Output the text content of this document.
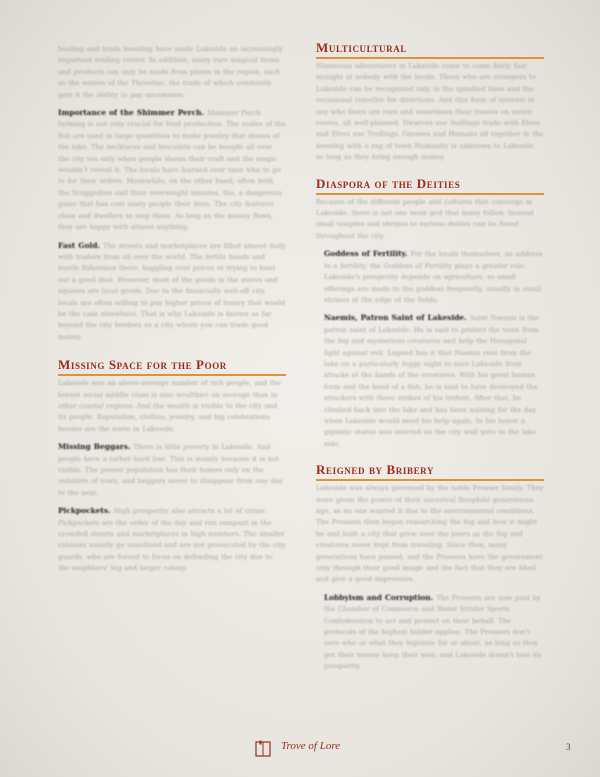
boating and trade boosting have made Lakeside an increasingly important trading center. In addition, many rare magical items and products can only be made from plants in the region, such as the waters of the Threeline, the trade of which constantly gets it the ability to pay uncommon.

Importance of the Shimmer Perch. Shimmer Perch farming is not only crucial for food production. The scales of the fish are used in large quantities to make jewelry that shines of the lake. The necklaces and bracelets can be bought all over the city too only when people shows their craft and the magic wouldn't reveal it. The locals have learned over time who to go to for their orders. Meanwhile, on the other hand, often both the Scoggedres and their overweight inmates, the, a dangerous game that has cost many people their lives. The city features close and dwellers to stop them. As long as the money flows, they are happy with almost anything.

Fast Gold. The streets and marketplaces are filled almost daily with traders from all over the world. The fertile hands and bustle fishermen there, haggling over prices or trying to hunt out a good deal. However, most of the goods in the stores and squares are local goods. Due to the financially well-off city, locals are often willing to pay higher prices of luxury that would be the case elsewhere. That is why Lakeside is known as far beyond the city borders as a city where you can trade good money.

Missing Space for the Poor

Lakeside was an above-average number of rich people, and the lowest social middle class is also wealthier on average than in other coastal regions. And the wealth is visible to the city and its people. Reputation, clothes, jewelry, and big celebrations houses are the norm in Lakeside.

Missing Beggars. There is little poverty in Lakeside. And people have a rather hard line. This is mainly because it is not visible. The poorer population has their homes only on the outskirts of town, and beggars never to disappear from one day to the next.

Pickpockets. High prosperity also attracts a lot of crime. Pickpockets are the order of the day and run rampant in the crowded streets and marketplaces in high numbers. The smaller colonies usually go unnoticed and are not prosecuted by the city guards, who are forced to focus on defending the city due to the neighbors' big and larger colony.

Multicultural

Numerous adventurers in Lakeside come to come fairly fast straight at nobody with the locals. Those who are strangers to Lakeside can be recognized only in the spindled lines and the occasional traveller for directions. And this form of interest in any who there are rare and sometimes their travels on entire routes, all well-planned. Dwarves use Sudlings trade with Elves and Elves use Trellings. Gnomes and Humans all together in the meeting with a rag of town Humanity is unknown to Lakeside so long as they bring enough money.

Diaspora of the Deities

Because of the different people and cultures that converge in Lakeside, there is not one main god that many follow. Instead small temples and shrines to various deities can be found throughout the city.

Goddess of Fertility. For the locals themselves, an address to a fertility, the Goddess of Fertility plays a greater role. Lakeside's prosperity depends on agriculture, so small offerings are made to the goddess frequently, usually in small shrines at the edge of the fields.

Naemis, Patron Saint of Lakeside. Saint Naemis is the patron saint of Lakeside. He is said to protect the town from the fog and mysterious creatures and help the Hexagonal light against evil. Legend has it that Naemis rose from the lake on a particularly foggy night to save Lakeside from attacks at the hands of the creatures. With his great human form and the head of a fish, he is said to have destroyed the attackers with three strikes of his trident. After that, he climbed back into the lake and has been waiting for the day when Lakeside would need his help again. In his honor a gigantic statue was erected on the city wall gate to the lake side.

Reigned by Bribery

Lakeside was always governed by the noble Prosser family. They were given the power of their ancestral Bergdahl generations ago, as no one wanted it due to the environmental conditions. The Prossers then began researching the fog and how it might be and built a city that grew over the years as the fog and creatures never kept from traveling. Since then, many generations have passed, and the Prossers have the government only through their good image and the fact that they are liked and give a good impression.

Lobbyism and Corruption. The Prossers are now paid by the Chamber of Commerce and Water Strider Sports Confederation to act and protect on their behalf. The protocols of the highest bidder applies. The Prossers don't care who or what they legislate for or about, as long as they get their money keep their seat, and Lakeside doesn't lose its prosperity.

Trove of Lore	3
